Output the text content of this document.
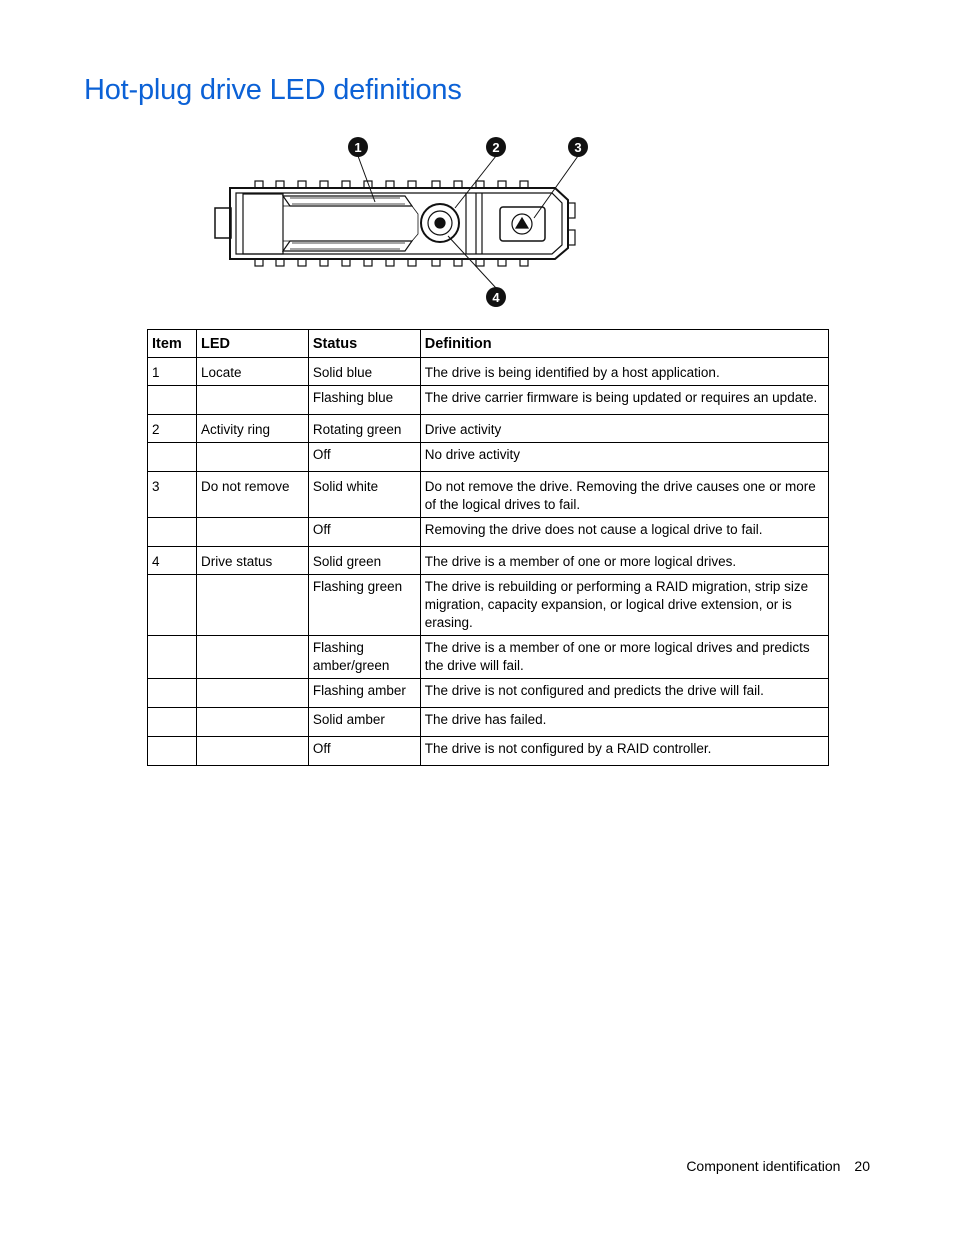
Hot-plug drive LED definitions
1	2	3
4
Item	LED	Status	Definition
1	Locate	Solid blue	The drive is being identified by a host application.
		Flashing blue	The drive carrier firmware is being updated or requires an update.
2	Activity ring	Rotating green	Drive activity
		Off	No drive activity
3	Do not remove	Solid white	Do not remove the drive. Removing the drive causes one or more of the logical drives to fail.
		Off	Removing the drive does not cause a logical drive to fail.
4	Drive status	Solid green	The drive is a member of one or more logical drives.
		Flashing green	The drive is rebuilding or performing a RAID migration, strip size migration, capacity expansion, or logical drive extension, or is erasing.
		Flashing amber/green	The drive is a member of one or more logical drives and predicts the drive will fail.
		Flashing amber	The drive is not configured and predicts the drive will fail.
		Solid amber	The drive has failed.
		Off	The drive is not configured by a RAID controller.
Component identification 20
